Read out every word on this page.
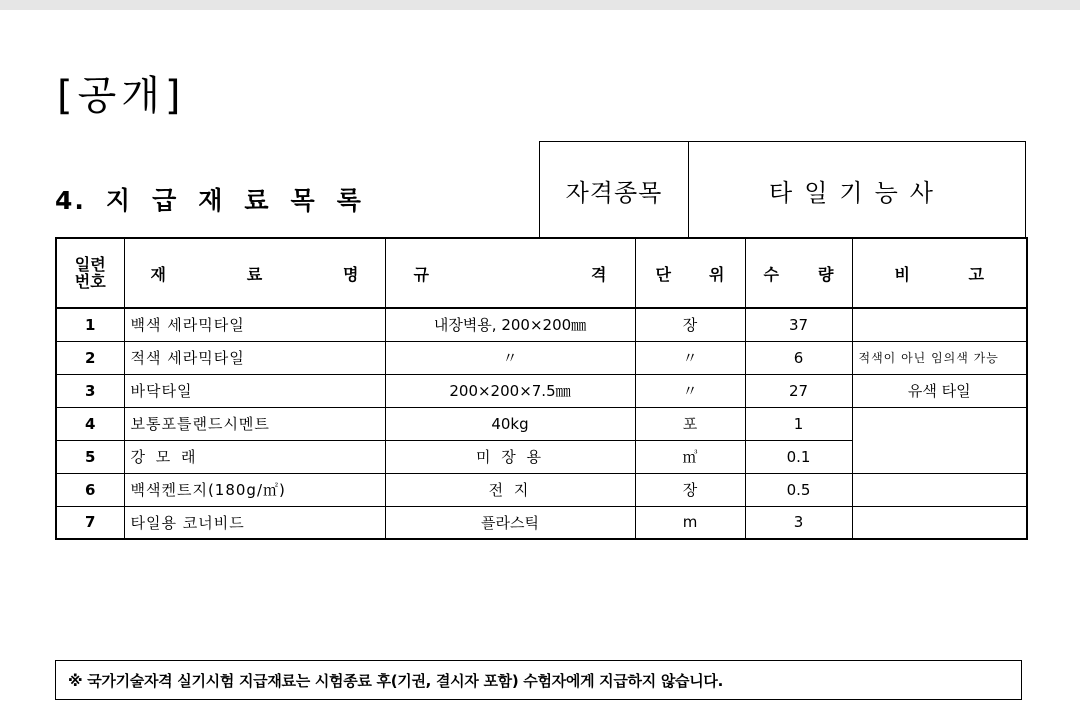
[공개]
4. 지 급 재 료 목 록	자격종목	타일기능사
일련
번호	재 료 명	규 격	단 위	수 량	비 고

1	백색 세라믹타일	내장벽용, 200×200㎜	장	37	
2	적색 세라믹타일	〃	〃	6	적색이 아닌 임의색 가능
3	바닥타일	200×200×7.5㎜	〃	27	유색 타일
4	보통포틀랜드시멘트	40kg	포	1	
5	강 모 래	미 장 용	㎥	0.1	
6	백색켄트지(180g/㎡)	전 지	장	0.5	
7	타일용 코너비드	플라스틱	m	3	
※ 국가기술자격 실기시험 지급재료는 시험종료 후(기권, 결시자 포함) 수험자에게 지급하지 않습니다.
